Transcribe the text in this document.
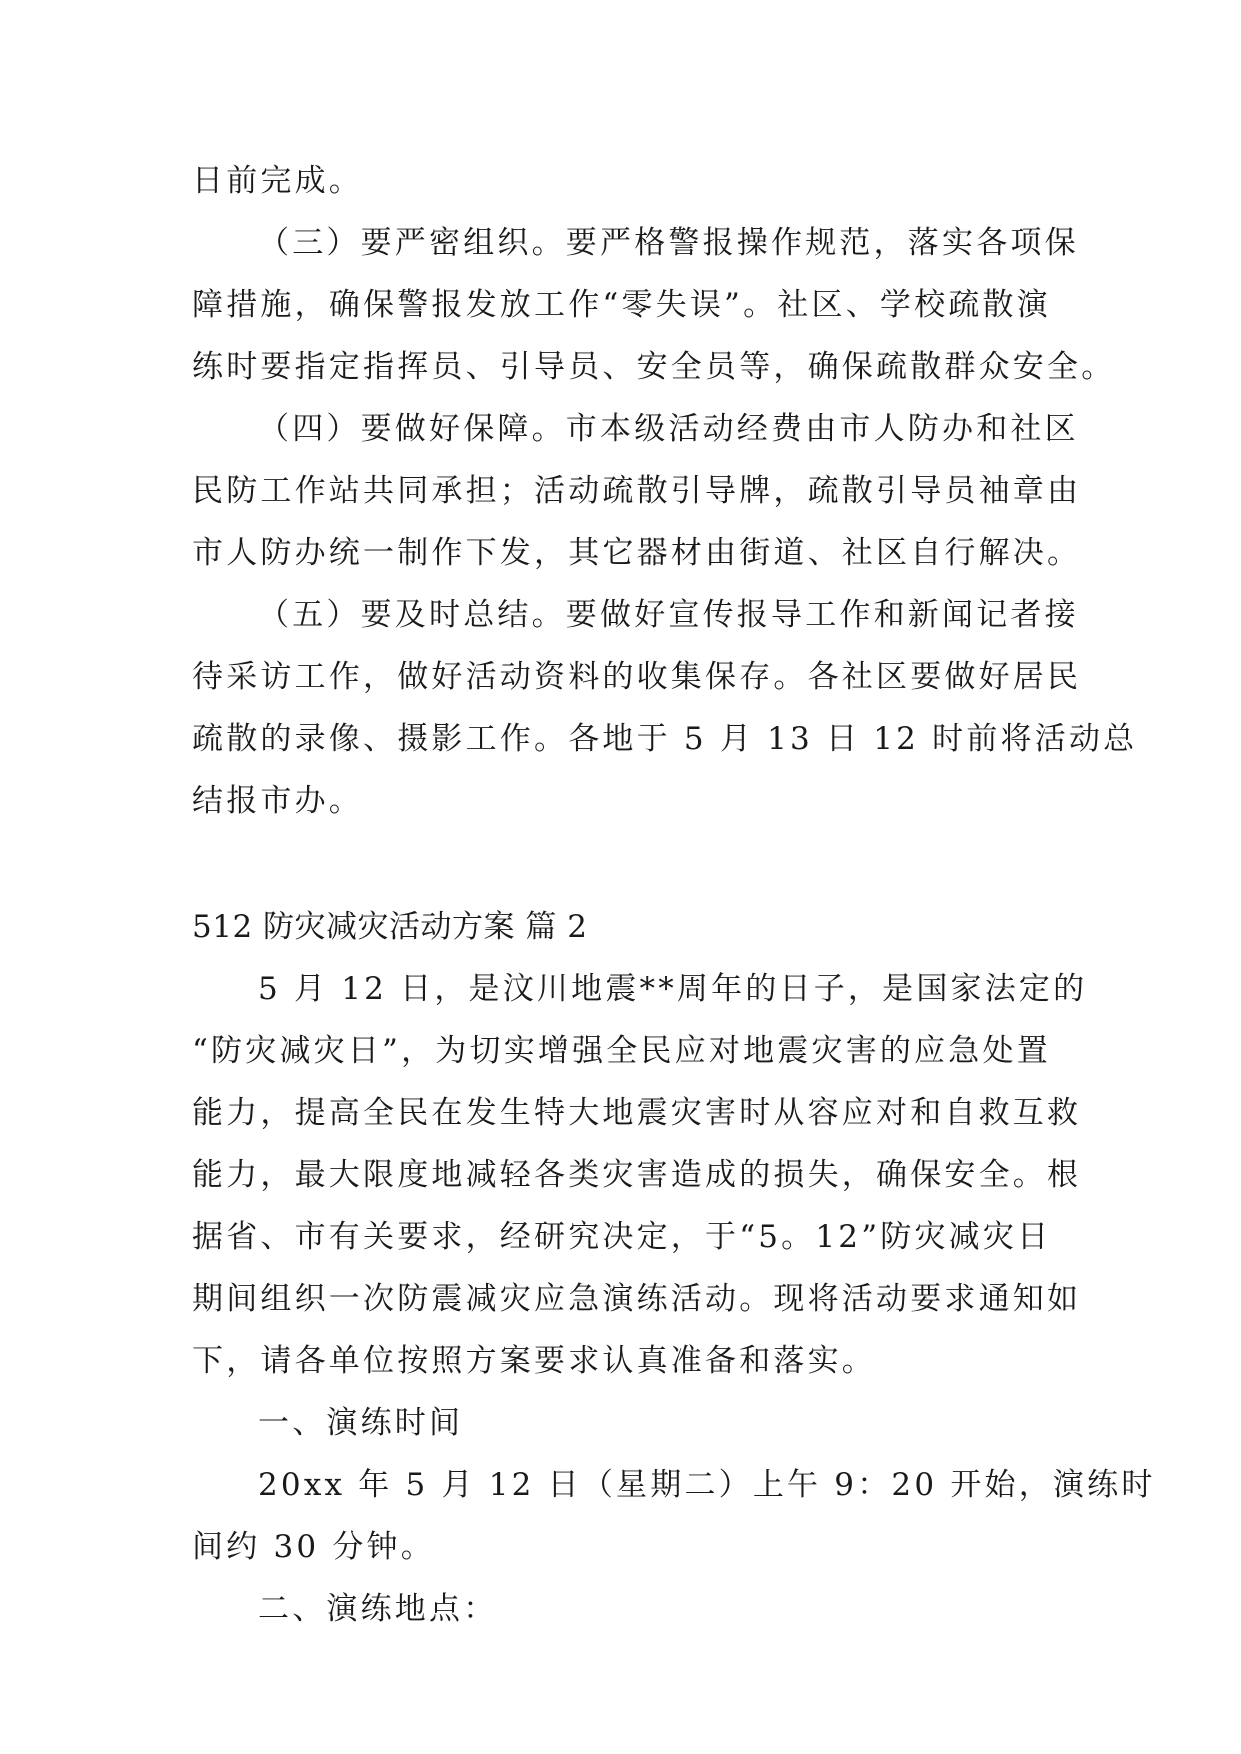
日前完成。
（三）要严密组织。要严格警报操作规范，落实各项保
障措施，确保警报发放工作“零失误”。社区、学校疏散演
练时要指定指挥员、引导员、安全员等，确保疏散群众安全。
（四）要做好保障。市本级活动经费由市人防办和社区
民防工作站共同承担；活动疏散引导牌，疏散引导员袖章由
市人防办统一制作下发，其它器材由街道、社区自行解决。
（五）要及时总结。要做好宣传报导工作和新闻记者接
待采访工作，做好活动资料的收集保存。各社区要做好居民
疏散的录像、摄影工作。各地于 5 月 13 日 12 时前将活动总
结报市办。
512 防灾减灾活动方案 篇 2
5 月 12 日，是汶川地震**周年的日子，是国家法定的
“防灾减灾日”，为切实增强全民应对地震灾害的应急处置
能力，提高全民在发生特大地震灾害时从容应对和自救互救
能力，最大限度地减轻各类灾害造成的损失，确保安全。根
据省、市有关要求，经研究决定，于“5。12”防灾减灾日
期间组织一次防震减灾应急演练活动。现将活动要求通知如
下，请各单位按照方案要求认真准备和落实。
一、演练时间
20xx 年 5 月 12 日（星期二）上午 9：20 开始，演练时
间约 30 分钟。
二、演练地点：
